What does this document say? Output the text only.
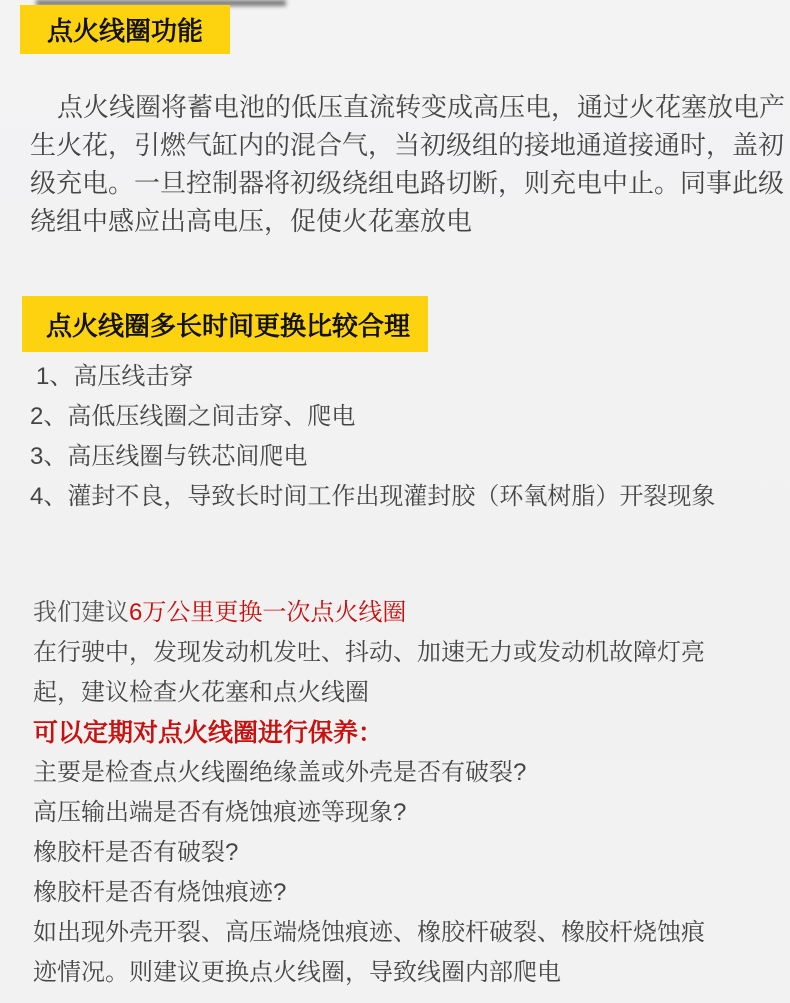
点火线圈功能
点火线圈将蓄电池的低压直流转变成高压电，通过火花塞放电产
生火花，引燃气缸内的混合气，当初级组的接地通道接通时，盖初
级充电。一旦控制器将初级绕组电路切断，则充电中止。同事此级
绕组中感应出高电压，促使火花塞放电
点火线圈多长时间更换比较合理
1、高压线击穿
2、高低压线圈之间击穿、爬电
3、高压线圈与铁芯间爬电
4、灌封不良，导致长时间工作出现灌封胶（环氧树脂）开裂现象
我们建议6万公里更换一次点火线圈
在行驶中，发现发动机发吐、抖动、加速无力或发动机故障灯亮
起，建议检查火花塞和点火线圈
可以定期对点火线圈进行保养：
主要是检查点火线圈绝缘盖或外壳是否有破裂?
高压输出端是否有烧蚀痕迹等现象?
橡胶杆是否有破裂?
橡胶杆是否有烧蚀痕迹?
如出现外壳开裂、高压端烧蚀痕迹、橡胶杆破裂、橡胶杆烧蚀痕
迹情况。则建议更换点火线圈，导致线圈内部爬电
